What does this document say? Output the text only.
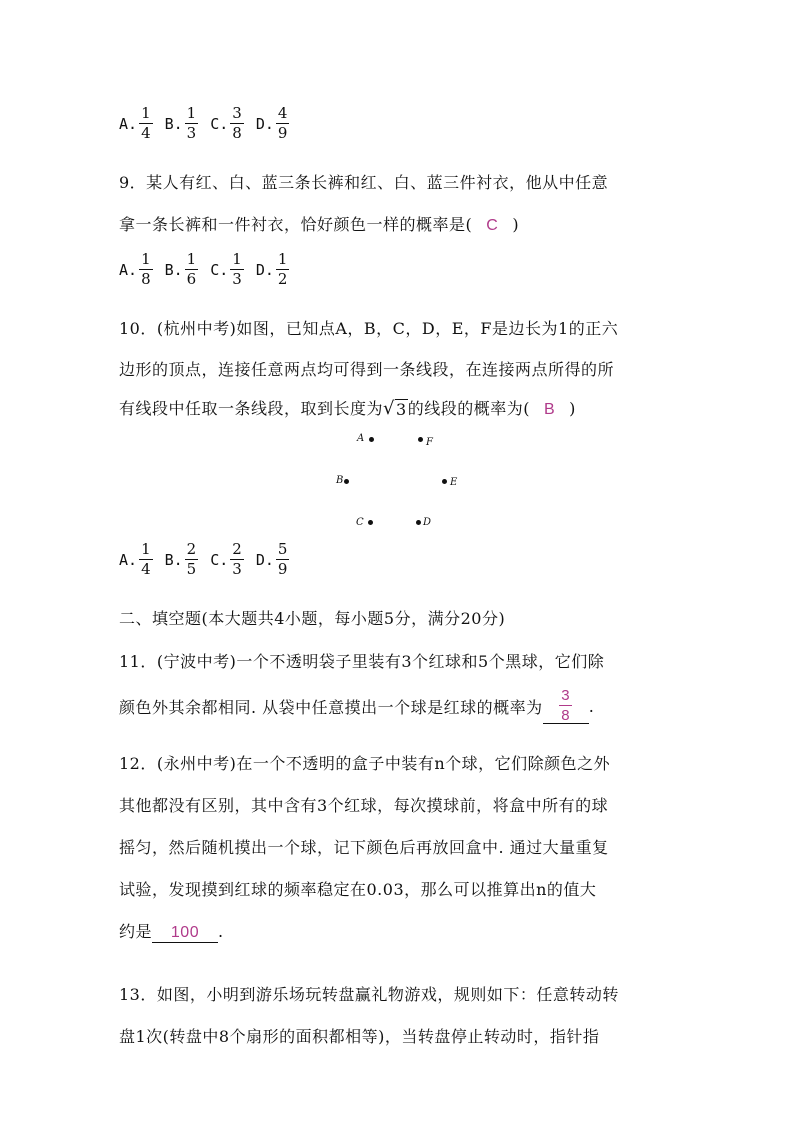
A. $\frac{1}{4} B$. $\frac{1}{3} C$. $\frac{3}{8} D$. $\frac{4}{9}$
9．某人有红、白、蓝三条长裤和红、白、蓝三件衬衣，他从中任意
拿一条长裤和一件衬衣，恰好颜色一样的概率是( C )
A. $\frac{1}{8} B$. $\frac{1}{6} C$. $\frac{1}{3} D$. $\frac{1}{2}$
10．(杭州中考)如图，已知点A，B，C，D，E，F是边长为1的正六
边形的顶点，连接任意两点均可得到一条线段，在连接两点所得的所
有线段中任取一条线段，取到长度为 √ 3 的线段的概率为( B )
A	F
B	E
C	D
A. $\frac{1}{4} B$. $\frac{2}{5} C$. $\frac{2}{3} D$. $\frac{5}{9}$
二、填空题(本大题共4小题，每小题5分，满分20分)
11．(宁波中考)一个不透明袋子里装有3个红球和5个黑球，它们除
颜色外其余都相同. 从袋中任意摸出一个球是红球的概率为 $\frac{3}{8}$ .
12．(永州中考)在一个不透明的盒子中装有n个球，它们除颜色之外
其他都没有区别，其中含有3个红球，每次摸球前，将盒中所有的球
摇匀，然后随机摸出一个球，记下颜色后再放回盒中. 通过大量重复
试验，发现摸到红球的频率稳定在0.03，那么可以推算出n的值大
约是 100 .
13．如图，小明到游乐场玩转盘赢礼物游戏，规则如下：任意转动转
盘1次(转盘中8个扇形的面积都相等)，当转盘停止转动时，指针指
